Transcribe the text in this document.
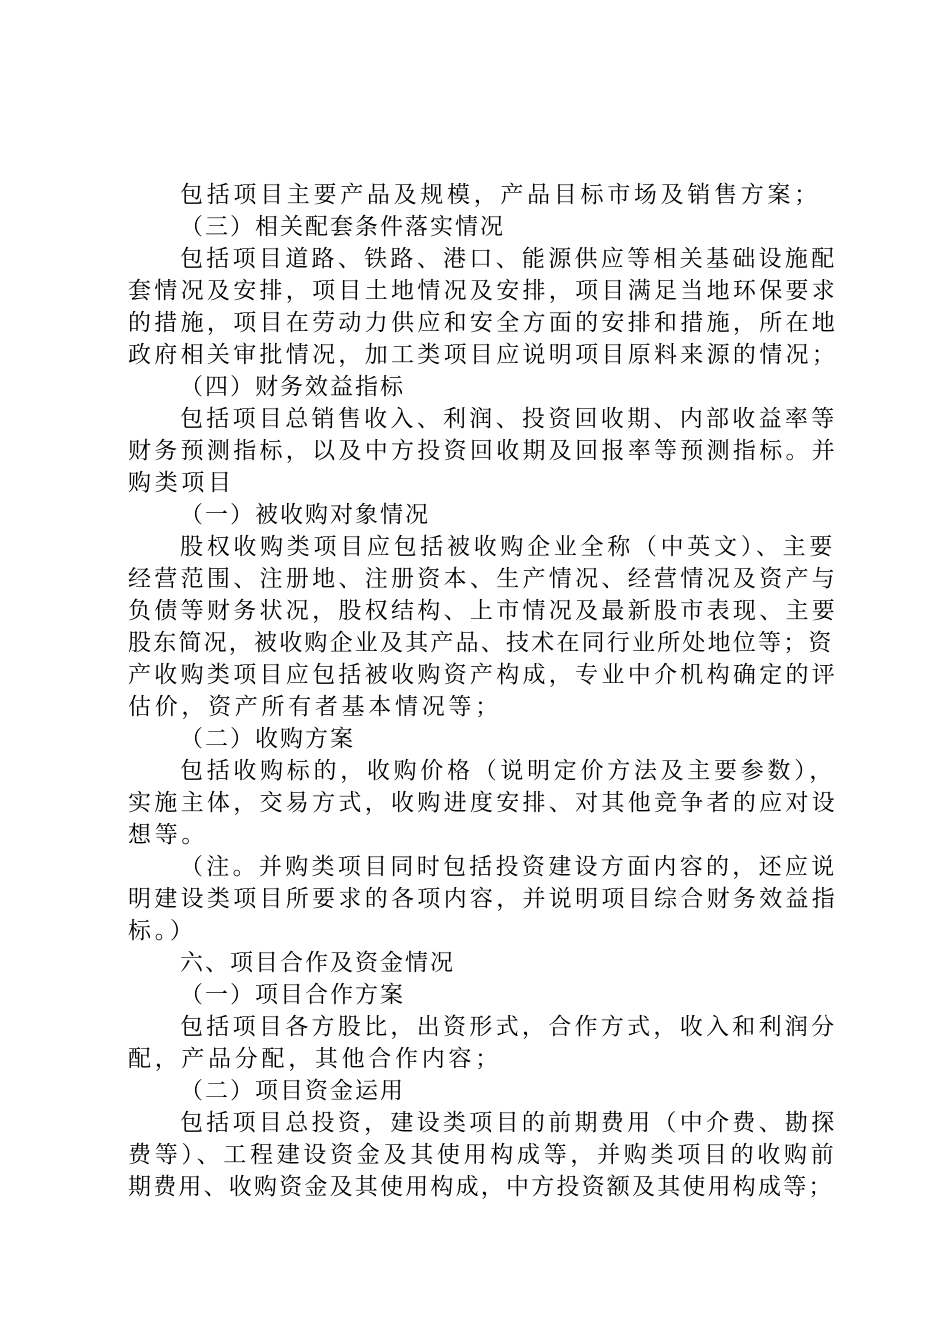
包括项目主要产品及规模，产品目标市场及销售方案；
（三）相关配套条件落实情况
包括项目道路、铁路、港口、能源供应等相关基础设施配
套情况及安排，项目土地情况及安排，项目满足当地环保要求
的措施，项目在劳动力供应和安全方面的安排和措施，所在地
政府相关审批情况，加工类项目应说明项目原料来源的情况；
（四）财务效益指标
包括项目总销售收入、利润、投资回收期、内部收益率等
财务预测指标，以及中方投资回收期及回报率等预测指标。并
购类项目
（一）被收购对象情况
股权收购类项目应包括被收购企业全称（中英文）、主要
经营范围、注册地、注册资本、生产情况、经营情况及资产与
负债等财务状况，股权结构、上市情况及最新股市表现、主要
股东简况，被收购企业及其产品、技术在同行业所处地位等；资
产收购类项目应包括被收购资产构成，专业中介机构确定的评
估价，资产所有者基本情况等；
（二）收购方案
包括收购标的，收购价格（说明定价方法及主要参数），
实施主体，交易方式，收购进度安排、对其他竞争者的应对设
想等。
（注。并购类项目同时包括投资建设方面内容的，还应说
明建设类项目所要求的各项内容，并说明项目综合财务效益指
标。）
六、项目合作及资金情况
（一）项目合作方案
包括项目各方股比，出资形式，合作方式，收入和利润分
配，产品分配，其他合作内容；
（二）项目资金运用
包括项目总投资，建设类项目的前期费用（中介费、勘探
费等）、工程建设资金及其使用构成等，并购类项目的收购前
期费用、收购资金及其使用构成，中方投资额及其使用构成等；
